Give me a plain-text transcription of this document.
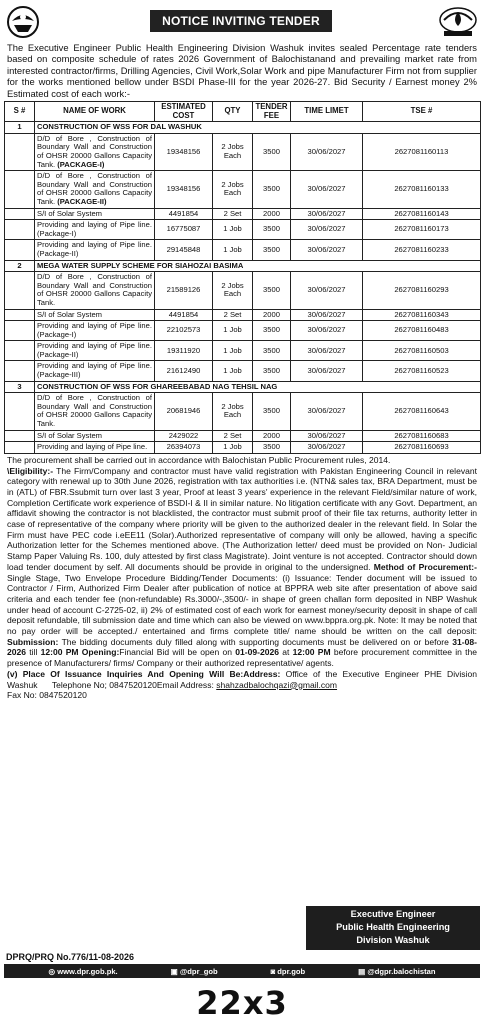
NOTICE INVITING TENDER

The Executive Engineer Public Health Engineering Division Washuk invites sealed Percentage rate tenders based on composite schedule of rates 2026 Government of Balochistanand and prevailing market rate from interested contractor/firms, Drilling Agencies, Civil Work,Solar Work and pipe Manufacturer Firm not from supplier for the works mentioned bellow under BSDI Phase-III for the year 2026-27. Bid Security / Earnest money 2% Estimated cost of each work:-

S #	NAME OF WORK	ESTIMATED COST	QTY	TENDER FEE	TIME LIMET	TSE #
1	CONSTRUCTION OF WSS FOR DAL WASHUK					
	D/D of Bore , Construction of Boundary Wall and Construction of OHSR 20000 Gallons Capacity Tank. (PACKAGE-I)	19348156	2 Jobs Each	3500	30/06/2027	2627081160113
	D/D of Bore , Construction of Boundary Wall and Construction of OHSR 20000 Gallons Capacity Tank. (PACKAGE-II)	19348156	2 Jobs Each	3500	30/06/2027	2627081160133
	S/I of Solar System	4491854	2 Set	2000	30/06/2027	2627081160143
	Providing and laying of Pipe line.(Package-I)	16775087	1 Job	3500	30/06/2027	2627081160173
	Providing and laying of Pipe line. (Package-II)	29145848	1 Job	3500	30/06/2027	2627081160233
2	MEGA WATER SUPPLY SCHEME FOR SIAHOZAI BASIMA					
	D/D of Bore , Construction of Boundary Wall and Construction of OHSR 20000 Gallons Capacity Tank.	21589126	2 Jobs Each	3500	30/06/2027	2627081160293
	S/I of Solar System	4491854	2 Set	2000	30/06/2027	2627081160343
	Providing and laying of Pipe line. (Package-I)	22102573	1 Job	3500	30/06/2027	2627081160483
	Providing and laying of Pipe line. (Package-II)	19311920	1 Job	3500	30/06/2027	2627081160503
	Providing and laying of Pipe line. (Package-III)	21612490	1 Job	3500	30/06/2027	2627081160523
3	CONSTRUCTION OF WSS FOR GHAREEBABAD NAG TEHSIL NAG					
	D/D of Bore , Construction of Boundary Wall and Construction of OHSR 20000 Gallons Capacity Tank.	20681946	2 Jobs Each	3500	30/06/2027	2627081160643
	S/I of Solar System	2429022	2 Set	2000	30/06/2027	2627081160683
	Providing and laying of Pipe line.	26394073	1 Job	3500	30/06/2027	2627081160693
The procurement shall be carried out in accordance with Balochistan Public Procurement rules, 2014.
\Eligibility:- The Firm/Company and contractor must have valid registration with Pakistan Engineering Council in relevant category with renewal up to 30th June 2026, registration with tax authorities i.e. (NTN& sales tax, BRA Department, must be in (ATL) of FBR.Ssubmit turn over last 3 year, Proof at least 3 years' experience in the relevant Field/similar nature of work, Completion Certificate work experience of BSDI-I & II in similar nature. No litigation certificate with any Govt. Department, an affidavit showing the contractor is not blacklisted, the contractor must submit proof of their file tax returns, authority letter in case of representative of the company where priority will be given to the authorized dealer in the relevant field. In Solar the Firm must have PEC code i.eEE11 (Solar).Authorized representative of company will only be allowed, having a specific Authorization letter for the Schemes mentioned above. (The Authorization letter/ deed must be provided on Non- Judicial Stamp Paper Valuing Rs. 100, duly attested by first class Magistrate). Joint venture is not accepted. Contractor should down load tender document by self. All documents should be provide in original to the undersigned. Method of Procurement:- Single Stage, Two Envelope Procedure Bidding/Tender Documents: (i) Issuance: Tender document will be issued to Contractor / Firm, Authorized Firm Dealer after publication of notice at BPPRA web site after presentation of above said criteria and each tender fee (non-refundable) Rs.3000/-,3500/- in shape of green challan form deposited in NBP Washuk under head of account C-2725-02, ii) 2% of estimated cost of each work for earnest money/security deposit in shape of call deposit refundable, till submission date and time which can also be viewed on www.bppra.org.pk. Note: It may be noted that no pay order will be accepted./ entertained and firms complete title/ name should be written on the call deposit: Submission: The bidding documents duly filled along with supporting documents must be delivered on or before 31-08-2026 till 12:00 PM Opening:Financial Bid will be open on 01-09-2026 at 12:00 PM before procurement committee in the presence of Manufacturers/ firms/ Company or their authorized representative/ agents.
(v) Place Of Issuance Inquiries And Opening Will Be:Address: Office of the Executive Engineer PHE Division Washuk Telephone No; 0847520120Email Address: shahzadbalochqazi@gmail.com
Fax No: 0847520120
Executive Engineer
Public Health Engineering
Division Washuk
DPRQ/PRQ No.776/11-08-2026
◎ www.dpr.gob.pk.	▣ @dpr_gob	◙ dpr.gob	▤ @dgpr.balochistan
22x3
